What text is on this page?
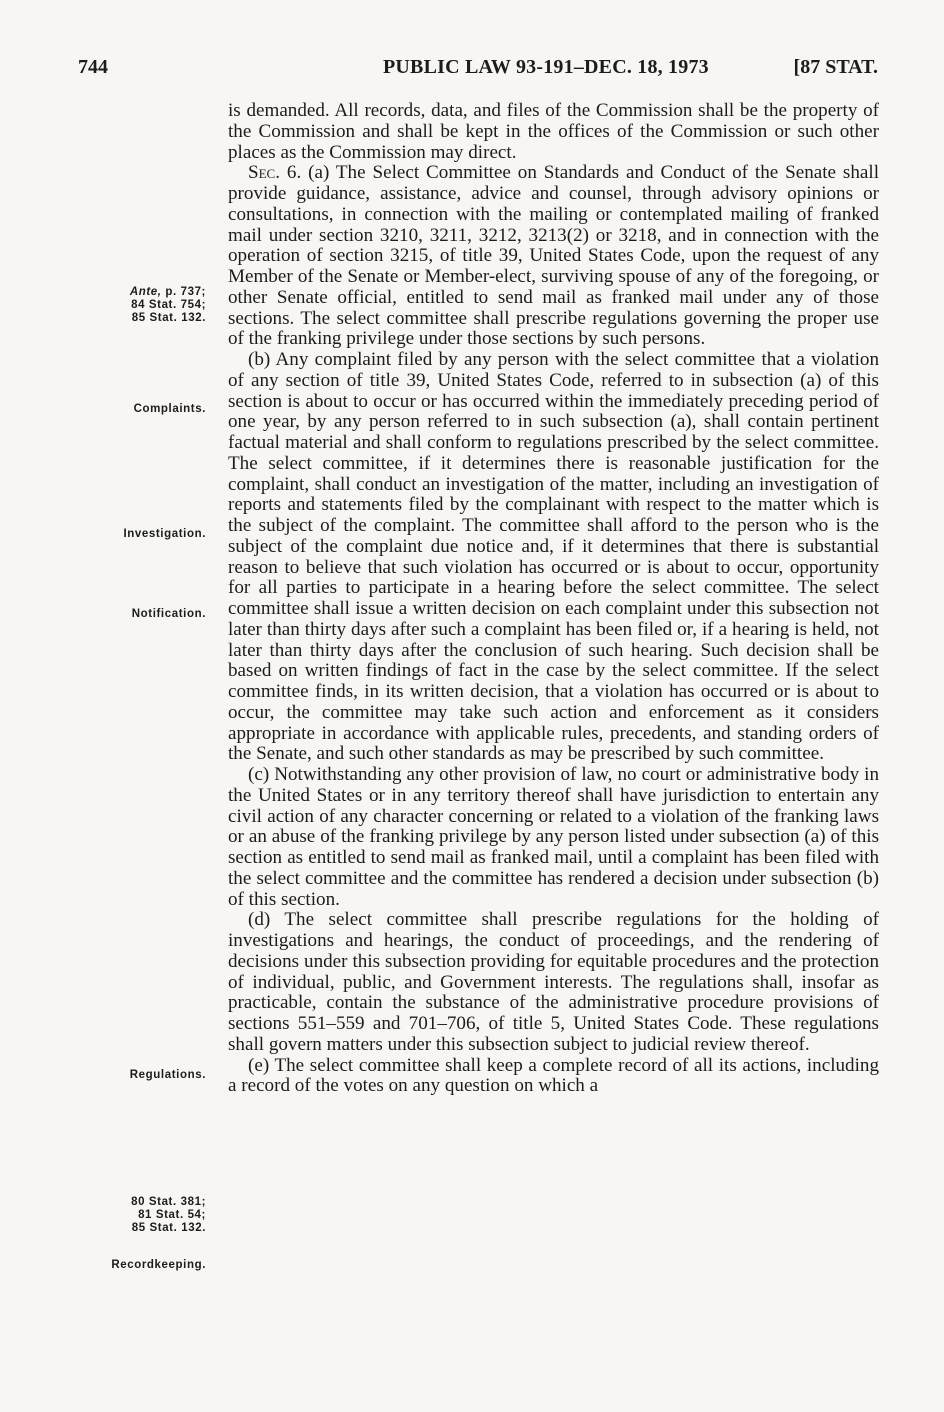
744	PUBLIC LAW 93-191–DEC. 18, 1973	[87 STAT.
Ante, p. 737;
84 Stat. 754;
85 Stat. 132.
Complaints.
Investigation.
Notification.
Regulations.
80 Stat. 381;
81 Stat. 54;
85 Stat. 132.
Recordkeeping.

is demanded. All records, data, and files of the Commission shall be the property of the Commission and shall be kept in the offices of the Commission or such other places as the Commission may direct.

Sec. 6. (a) The Select Committee on Standards and Conduct of the Senate shall provide guidance, assistance, advice and counsel, through advisory opinions or consultations, in connection with the mailing or contemplated mailing of franked mail under section 3210, 3211, 3212, 3213(2) or 3218, and in connection with the operation of section 3215, of title 39, United States Code, upon the request of any Member of the Senate or Member-elect, surviving spouse of any of the foregoing, or other Senate official, entitled to send mail as franked mail under any of those sections. The select committee shall prescribe regulations governing the proper use of the franking privilege under those sections by such persons.

(b) Any complaint filed by any person with the select committee that a violation of any section of title 39, United States Code, referred to in subsection (a) of this section is about to occur or has occurred within the immediately preceding period of one year, by any person referred to in such subsection (a), shall contain pertinent factual material and shall conform to regulations prescribed by the select committee. The select committee, if it determines there is reasonable justification for the complaint, shall conduct an investigation of the matter, including an investigation of reports and statements filed by the complainant with respect to the matter which is the subject of the complaint. The committee shall afford to the person who is the subject of the complaint due notice and, if it determines that there is substantial reason to believe that such violation has occurred or is about to occur, opportunity for all parties to participate in a hearing before the select committee. The select committee shall issue a written decision on each complaint under this subsection not later than thirty days after such a complaint has been filed or, if a hearing is held, not later than thirty days after the conclusion of such hearing. Such decision shall be based on written findings of fact in the case by the select committee. If the select committee finds, in its written decision, that a violation has occurred or is about to occur, the committee may take such action and enforcement as it considers appropriate in accordance with applicable rules, precedents, and standing orders of the Senate, and such other standards as may be prescribed by such committee.

(c) Notwithstanding any other provision of law, no court or administrative body in the United States or in any territory thereof shall have jurisdiction to entertain any civil action of any character concerning or related to a violation of the franking laws or an abuse of the franking privilege by any person listed under subsection (a) of this section as entitled to send mail as franked mail, until a complaint has been filed with the select committee and the committee has rendered a decision under subsection (b) of this section.

(d) The select committee shall prescribe regulations for the holding of investigations and hearings, the conduct of proceedings, and the rendering of decisions under this subsection providing for equitable procedures and the protection of individual, public, and Government interests. The regulations shall, insofar as practicable, contain the substance of the administrative procedure provisions of sections 551–559 and 701–706, of title 5, United States Code. These regulations shall govern matters under this subsection subject to judicial review thereof.

(e) The select committee shall keep a complete record of all its actions, including a record of the votes on any question on which a
